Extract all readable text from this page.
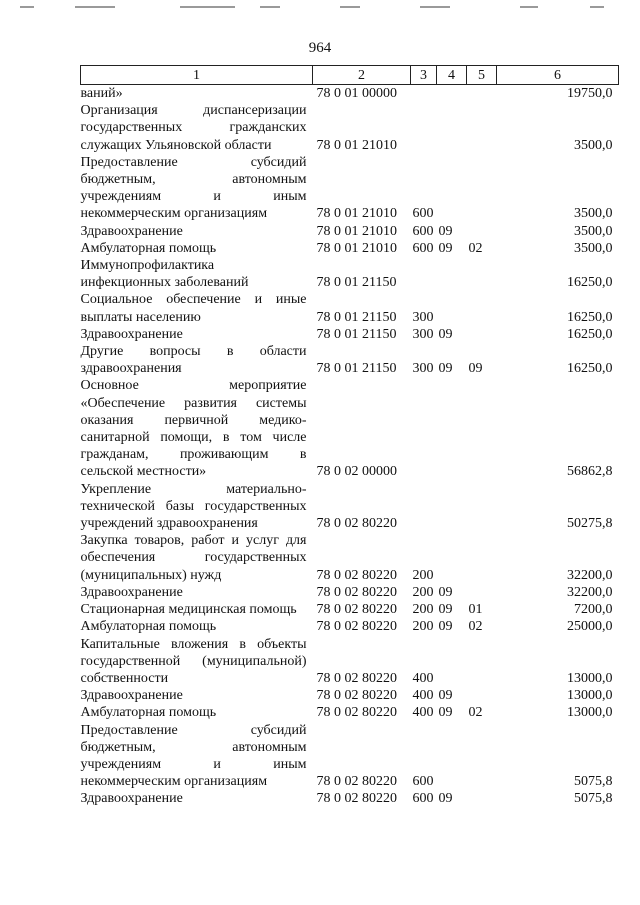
964
1	2	3	4	5	6
ваний»	78 0 01 00000				19750,0
Организация диспансеризации государственных гражданских служащих Ульяновской области	78 0 01 21010				3500,0
Предоставление субсидий бюджетным, автономным учреждениям и иным некоммерческим организациям	78 0 01 21010	600			3500,0
Здравоохранение	78 0 01 21010	600	09		3500,0
Амбулаторная помощь	78 0 01 21010	600	09	02	3500,0
Иммунопрофилактика инфекционных заболеваний	78 0 01 21150				16250,0
Социальное обеспечение и иные выплаты населению	78 0 01 21150	300			16250,0
Здравоохранение	78 0 01 21150	300	09		16250,0
Другие вопросы в области здравоохранения	78 0 01 21150	300	09	09	16250,0
Основное мероприятие «Обеспечение развития системы оказания первичной медико-санитарной помощи, в том числе гражданам, проживающим в сельской местности»	78 0 02 00000				56862,8
Укрепление материально-технической базы государственных учреждений здравоохранения	78 0 02 80220				50275,8
Закупка товаров, работ и услуг для обеспечения государственных (муниципальных) нужд	78 0 02 80220	200			32200,0
Здравоохранение	78 0 02 80220	200	09		32200,0
Стационарная медицинская помощь	78 0 02 80220	200	09	01	7200,0
Амбулаторная помощь	78 0 02 80220	200	09	02	25000,0
Капитальные вложения в объекты государственной (муниципальной) собственности	78 0 02 80220	400			13000,0
Здравоохранение	78 0 02 80220	400	09		13000,0
Амбулаторная помощь	78 0 02 80220	400	09	02	13000,0
Предоставление субсидий бюджетным, автономным учреждениям и иным некоммерческим организациям	78 0 02 80220	600			5075,8
Здравоохранение	78 0 02 80220	600	09		5075,8
